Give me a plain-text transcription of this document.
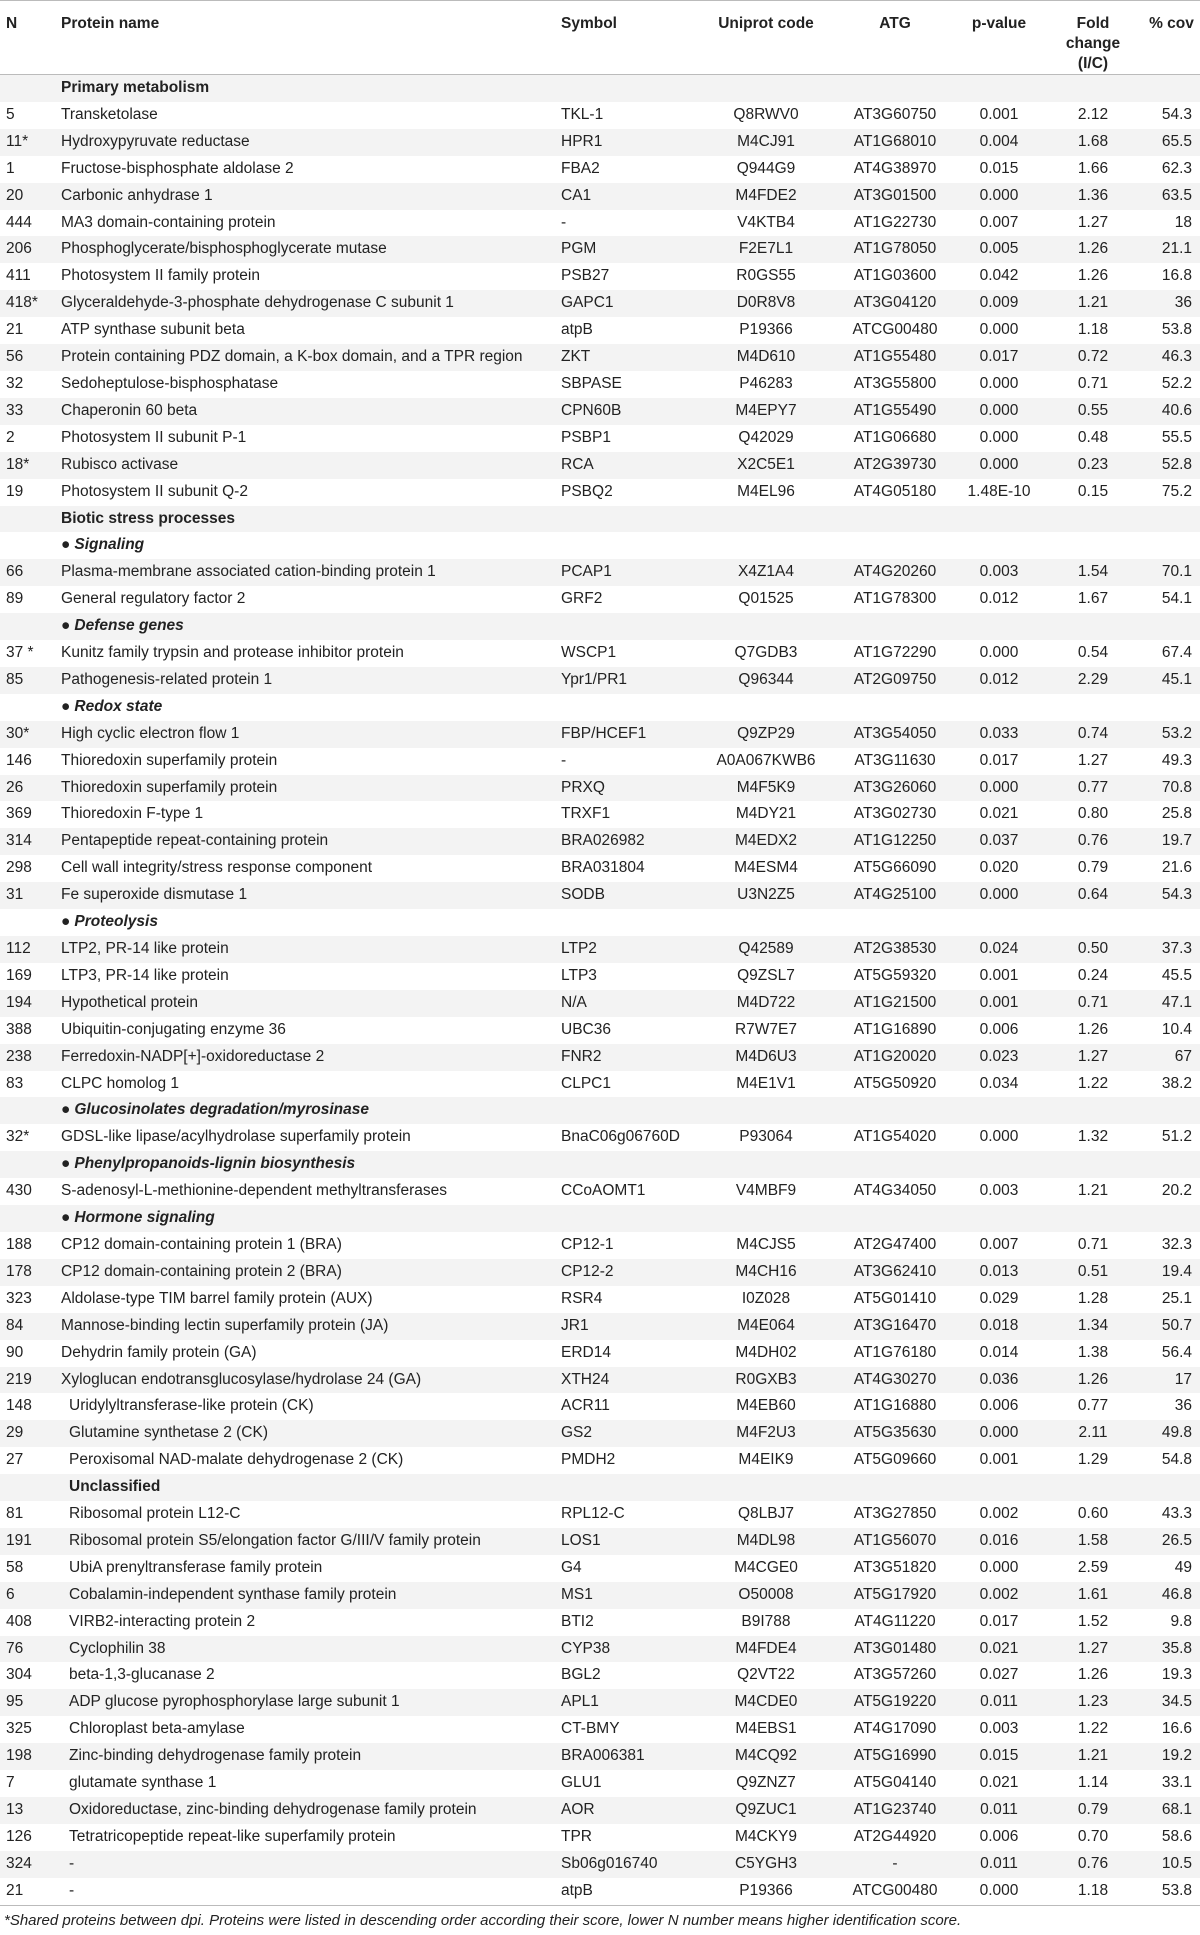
N	Protein name	Symbol	Uniprot code	ATG	p-value	Fold change (I/C)	% cov
	Primary metabolism						
5	Transketolase	TKL-1	Q8RWV0	AT3G60750	0.001	2.12	54.3
11*	Hydroxypyruvate reductase	HPR1	M4CJ91	AT1G68010	0.004	1.68	65.5
1	Fructose-bisphosphate aldolase 2	FBA2	Q944G9	AT4G38970	0.015	1.66	62.3
20	Carbonic anhydrase 1	CA1	M4FDE2	AT3G01500	0.000	1.36	63.5
444	MA3 domain-containing protein	-	V4KTB4	AT1G22730	0.007	1.27	18
206	Phosphoglycerate/bisphosphoglycerate mutase	PGM	F2E7L1	AT1G78050	0.005	1.26	21.1
411	Photosystem II family protein	PSB27	R0GS55	AT1G03600	0.042	1.26	16.8
418*	Glyceraldehyde-3-phosphate dehydrogenase C subunit 1	GAPC1	D0R8V8	AT3G04120	0.009	1.21	36
21	ATP synthase subunit beta	atpB	P19366	ATCG00480	0.000	1.18	53.8
56	Protein containing PDZ domain, a K-box domain, and a TPR region	ZKT	M4D610	AT1G55480	0.017	0.72	46.3
32	Sedoheptulose-bisphosphatase	SBPASE	P46283	AT3G55800	0.000	0.71	52.2
33	Chaperonin 60 beta	CPN60B	M4EPY7	AT1G55490	0.000	0.55	40.6
2	Photosystem II subunit P-1	PSBP1	Q42029	AT1G06680	0.000	0.48	55.5
18*	Rubisco activase	RCA	X2C5E1	AT2G39730	0.000	0.23	52.8
19	Photosystem II subunit Q-2	PSBQ2	M4EL96	AT4G05180	1.48E-10	0.15	75.2
	Biotic stress processes						
	● Signaling						
66	Plasma-membrane associated cation-binding protein 1	PCAP1	X4Z1A4	AT4G20260	0.003	1.54	70.1
89	General regulatory factor 2	GRF2	Q01525	AT1G78300	0.012	1.67	54.1
	● Defense genes						
37 *	Kunitz family trypsin and protease inhibitor protein	WSCP1	Q7GDB3	AT1G72290	0.000	0.54	67.4
85	Pathogenesis-related protein 1	Ypr1/PR1	Q96344	AT2G09750	0.012	2.29	45.1
	● Redox state						
30*	High cyclic electron flow 1	FBP/HCEF1	Q9ZP29	AT3G54050	0.033	0.74	53.2
146	Thioredoxin superfamily protein	-	A0A067KWB6	AT3G11630	0.017	1.27	49.3
26	Thioredoxin superfamily protein	PRXQ	M4F5K9	AT3G26060	0.000	0.77	70.8
369	Thioredoxin F-type 1	TRXF1	M4DY21	AT3G02730	0.021	0.80	25.8
314	Pentapeptide repeat-containing protein	BRA026982	M4EDX2	AT1G12250	0.037	0.76	19.7
298	Cell wall integrity/stress response component	BRA031804	M4ESM4	AT5G66090	0.020	0.79	21.6
31	Fe superoxide dismutase 1	SODB	U3N2Z5	AT4G25100	0.000	0.64	54.3
	● Proteolysis						
112	LTP2, PR-14 like protein	LTP2	Q42589	AT2G38530	0.024	0.50	37.3
169	LTP3, PR-14 like protein	LTP3	Q9ZSL7	AT5G59320	0.001	0.24	45.5
194	Hypothetical protein	N/A	M4D722	AT1G21500	0.001	0.71	47.1
388	Ubiquitin-conjugating enzyme 36	UBC36	R7W7E7	AT1G16890	0.006	1.26	10.4
238	Ferredoxin-NADP[+]-oxidoreductase 2	FNR2	M4D6U3	AT1G20020	0.023	1.27	67
83	CLPC homolog 1	CLPC1	M4E1V1	AT5G50920	0.034	1.22	38.2
	● Glucosinolates degradation/myrosinase						
32*	GDSL-like lipase/acylhydrolase superfamily protein	BnaC06g06760D	P93064	AT1G54020	0.000	1.32	51.2
	● Phenylpropanoids-lignin biosynthesis						
430	S-adenosyl-L-methionine-dependent methyltransferases	CCoAOMT1	V4MBF9	AT4G34050	0.003	1.21	20.2
	● Hormone signaling						
188	CP12 domain-containing protein 1 (BRA)	CP12-1	M4CJS5	AT2G47400	0.007	0.71	32.3
178	CP12 domain-containing protein 2 (BRA)	CP12-2	M4CH16	AT3G62410	0.013	0.51	19.4
323	Aldolase-type TIM barrel family protein (AUX)	RSR4	I0Z028	AT5G01410	0.029	1.28	25.1
84	Mannose-binding lectin superfamily protein (JA)	JR1	M4E064	AT3G16470	0.018	1.34	50.7
90	Dehydrin family protein (GA)	ERD14	M4DH02	AT1G76180	0.014	1.38	56.4
219	Xyloglucan endotransglucosylase/hydrolase 24 (GA)	XTH24	R0GXB3	AT4G30270	0.036	1.26	17
148	Uridylyltransferase-like protein (CK)	ACR11	M4EB60	AT1G16880	0.006	0.77	36
29	Glutamine synthetase 2 (CK)	GS2	M4F2U3	AT5G35630	0.000	2.11	49.8
27	Peroxisomal NAD-malate dehydrogenase 2 (CK)	PMDH2	M4EIK9	AT5G09660	0.001	1.29	54.8
	Unclassified						
81	Ribosomal protein L12-C	RPL12-C	Q8LBJ7	AT3G27850	0.002	0.60	43.3
191	Ribosomal protein S5/elongation factor G/III/V family protein	LOS1	M4DL98	AT1G56070	0.016	1.58	26.5
58	UbiA prenyltransferase family protein	G4	M4CGE0	AT3G51820	0.000	2.59	49
6	Cobalamin-independent synthase family protein	MS1	O50008	AT5G17920	0.002	1.61	46.8
408	VIRB2-interacting protein 2	BTI2	B9I788	AT4G11220	0.017	1.52	9.8
76	Cyclophilin 38	CYP38	M4FDE4	AT3G01480	0.021	1.27	35.8
304	beta-1,3-glucanase 2	BGL2	Q2VT22	AT3G57260	0.027	1.26	19.3
95	ADP glucose pyrophosphorylase large subunit 1	APL1	M4CDE0	AT5G19220	0.011	1.23	34.5
325	Chloroplast beta-amylase	CT-BMY	M4EBS1	AT4G17090	0.003	1.22	16.6
198	Zinc-binding dehydrogenase family protein	BRA006381	M4CQ92	AT5G16990	0.015	1.21	19.2
7	glutamate synthase 1	GLU1	Q9ZNZ7	AT5G04140	0.021	1.14	33.1
13	Oxidoreductase, zinc-binding dehydrogenase family protein	AOR	Q9ZUC1	AT1G23740	0.011	0.79	68.1
126	Tetratricopeptide repeat-like superfamily protein	TPR	M4CKY9	AT2G44920	0.006	0.70	58.6
324	-	Sb06g016740	C5YGH3	-	0.011	0.76	10.5
21	-	atpB	P19366	ATCG00480	0.000	1.18	53.8
*Shared proteins between dpi. Proteins were listed in descending order according their score, lower N number means higher identification score.
